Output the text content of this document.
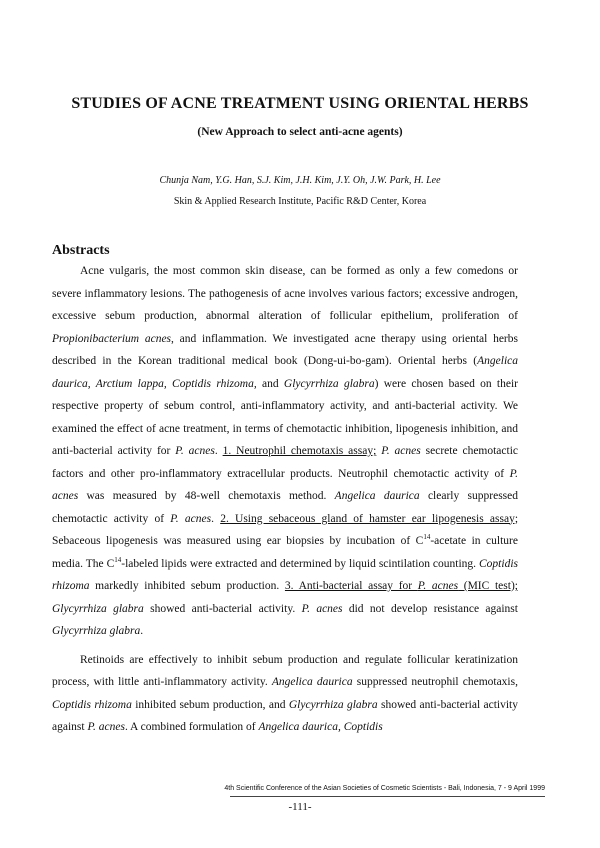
STUDIES OF ACNE TREATMENT USING ORIENTAL HERBS
(New Approach to select anti-acne agents)
Chunja Nam, Y.G. Han, S.J. Kim, J.H. Kim, J.Y. Oh, J.W. Park, H. Lee
Skin & Applied Research Institute, Pacific R&D Center, Korea
Abstracts

Acne vulgaris, the most common skin disease, can be formed as only a few comedons or severe inflammatory lesions. The pathogenesis of acne involves various factors; excessive androgen, excessive sebum production, abnormal alteration of follicular epithelium, proliferation of Propionibacterium acnes, and inflammation. We investigated acne therapy using oriental herbs described in the Korean traditional medical book (Dong-ui-bo-gam). Oriental herbs (Angelica daurica, Arctium lappa, Coptidis rhizoma, and Glycyrrhiza glabra) were chosen based on their respective property of sebum control, anti-inflammatory activity, and anti-bacterial activity. We examined the effect of acne treatment, in terms of chemotactic inhibition, lipogenesis inhibition, and anti-bacterial activity for P. acnes. 1. Neutrophil chemotaxis assay; P. acnes secrete chemotactic factors and other pro-inflammatory extracellular products. Neutrophil chemotactic activity of P. acnes was measured by 48-well chemotaxis method. Angelica daurica clearly suppressed chemotactic activity of P. acnes. 2. Using sebaceous gland of hamster ear lipogenesis assay; Sebaceous lipogenesis was measured using ear biopsies by incubation of $C^{14}$-acetate in culture media. The $C^{14}$-labeled lipids were extracted and determined by liquid scintilation counting. Coptidis rhizoma markedly inhibited sebum production. 3. Anti-bacterial assay for P. acnes (MIC test); Glycyrrhiza glabra showed anti-bacterial activity. P. acnes did not develop resistance against Glycyrrhiza glabra.

Retinoids are effectively to inhibit sebum production and regulate follicular keratinization process, with little anti-inflammatory activity. Angelica daurica suppressed neutrophil chemotaxis, Coptidis rhizoma inhibited sebum production, and Glycyrrhiza glabra showed anti-bacterial activity against P. acnes. A combined formulation of Angelica daurica, Coptidis

4th Scientific Conference of the Asian Societies of Cosmetic Scientists - Bali, Indonesia, 7 - 9 April 1999
-111-
